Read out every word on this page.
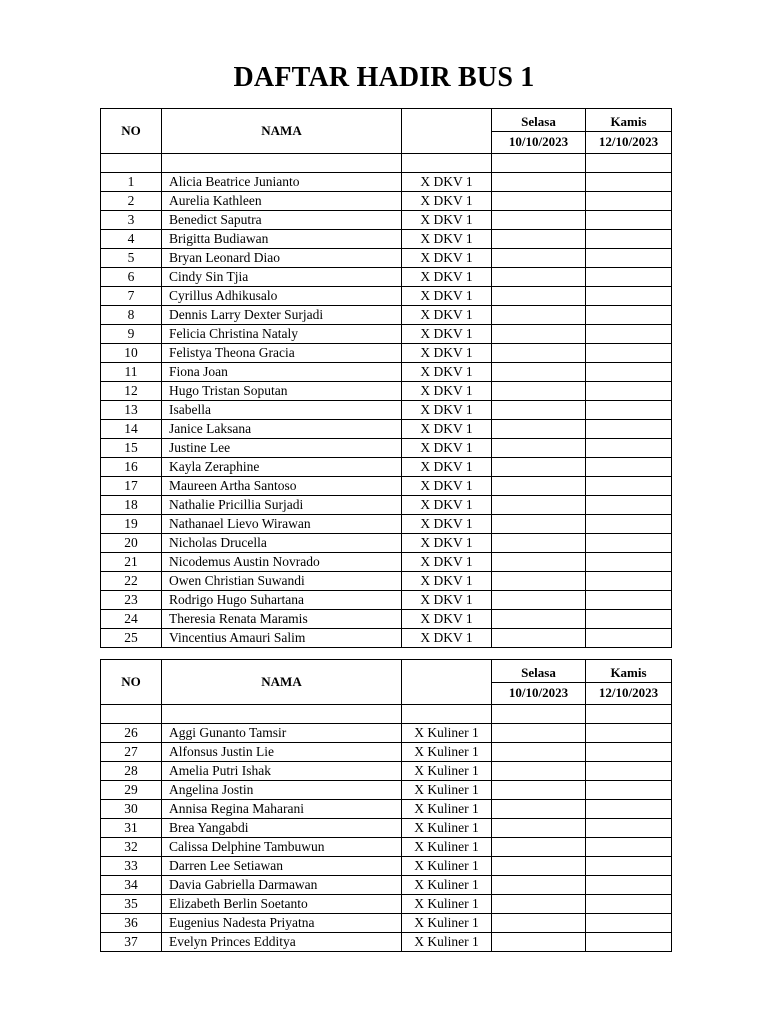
DAFTAR HADIR BUS 1
NO	NAMA		Selasa	Kamis
			10/10/2023	12/10/2023

1	Alicia Beatrice Junianto	X DKV 1		
2	Aurelia Kathleen	X DKV 1		
3	Benedict Saputra	X DKV 1		
4	Brigitta Budiawan	X DKV 1		
5	Bryan Leonard Diao	X DKV 1		
6	Cindy Sin Tjia	X DKV 1		
7	Cyrillus Adhikusalo	X DKV 1		
8	Dennis Larry Dexter Surjadi	X DKV 1		
9	Felicia Christina Nataly	X DKV 1		
10	Felistya Theona Gracia	X DKV 1		
11	Fiona Joan	X DKV 1		
12	Hugo Tristan Soputan	X DKV 1		
13	Isabella	X DKV 1		
14	Janice Laksana	X DKV 1		
15	Justine Lee	X DKV 1		
16	Kayla Zeraphine	X DKV 1		
17	Maureen Artha Santoso	X DKV 1		
18	Nathalie Pricillia Surjadi	X DKV 1		
19	Nathanael Lievo Wirawan	X DKV 1		
20	Nicholas Drucella	X DKV 1		
21	Nicodemus Austin Novrado	X DKV 1		
22	Owen Christian Suwandi	X DKV 1		
23	Rodrigo Hugo Suhartana	X DKV 1		
24	Theresia Renata Maramis	X DKV 1		
25	Vincentius Amauri Salim	X DKV 1		
NO	NAMA		Selasa	Kamis
			10/10/2023	12/10/2023

26	Aggi Gunanto Tamsir	X Kuliner 1		
27	Alfonsus Justin Lie	X Kuliner 1		
28	Amelia Putri Ishak	X Kuliner 1		
29	Angelina Jostin	X Kuliner 1		
30	Annisa Regina Maharani	X Kuliner 1		
31	Brea Yangabdi	X Kuliner 1		
32	Calissa Delphine Tambuwun	X Kuliner 1		
33	Darren Lee Setiawan	X Kuliner 1		
34	Davia Gabriella Darmawan	X Kuliner 1		
35	Elizabeth Berlin Soetanto	X Kuliner 1		
36	Eugenius Nadesta Priyatna	X Kuliner 1		
37	Evelyn Princes Edditya	X Kuliner 1		
